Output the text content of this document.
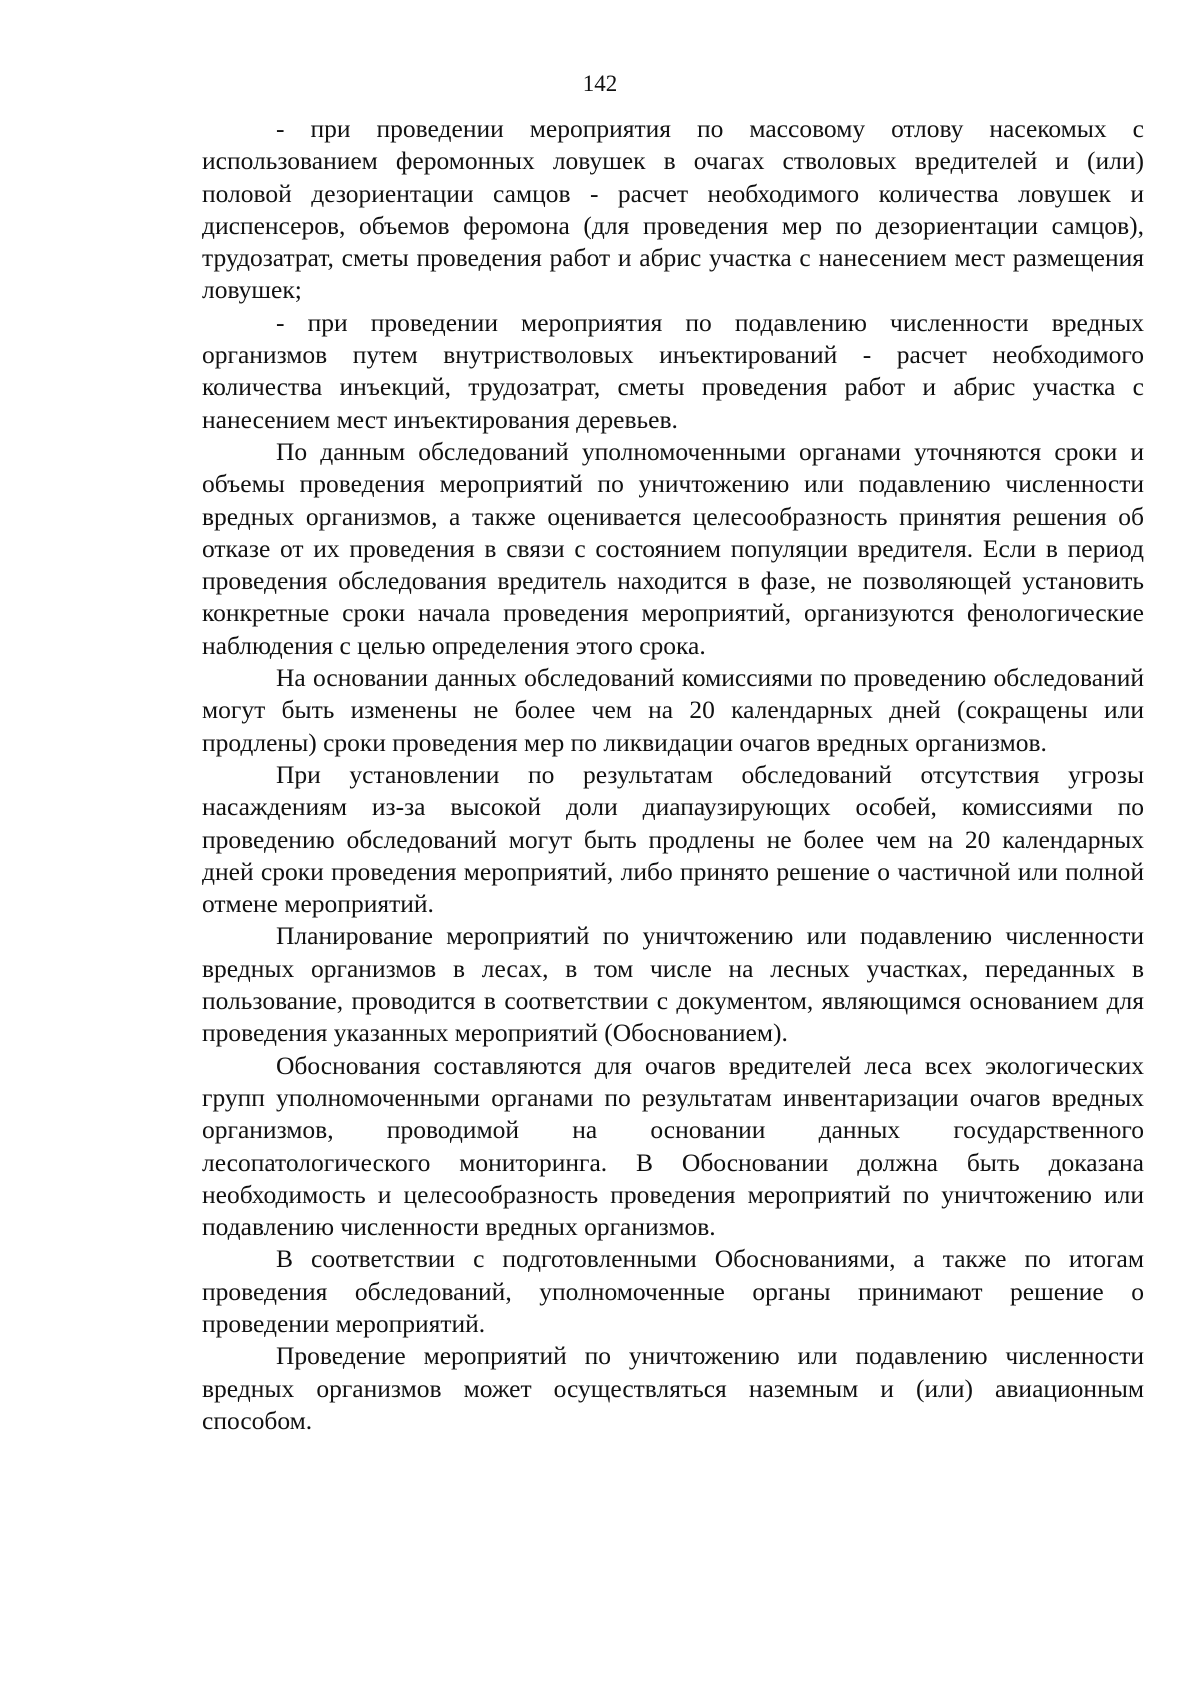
142

- при проведении мероприятия по массовому отлову насекомых с использованием феромонных ловушек в очагах стволовых вредителей и (или) половой дезориентации самцов - расчет необходимого количества ловушек и диспенсеров, объемов феромона (для проведения мер по дезориентации самцов), трудозатрат, сметы проведения работ и абрис участка с нанесением мест размещения ловушек;

- при проведении мероприятия по подавлению численности вредных организмов путем внутристволовых инъектирований - расчет необходимого количества инъекций, трудозатрат, сметы проведения работ и абрис участка с нанесением мест инъектирования деревьев.

По данным обследований уполномоченными органами уточняются сроки и объемы проведения мероприятий по уничтожению или подавлению численности вредных организмов, а также оценивается целесообразность принятия решения об отказе от их проведения в связи с состоянием популяции вредителя. Если в период проведения обследования вредитель находится в фазе, не позволяющей установить конкретные сроки начала проведения мероприятий, организуются фенологические наблюдения с целью определения этого срока.

На основании данных обследований комиссиями по проведению обследований могут быть изменены не более чем на 20 календарных дней (сокращены или продлены) сроки проведения мер по ликвидации очагов вредных организмов.

При установлении по результатам обследований отсутствия угрозы насаждениям из-за высокой доли диапаузирующих особей, комиссиями по проведению обследований могут быть продлены не более чем на 20 календарных дней сроки проведения мероприятий, либо принято решение о частичной или полной отмене мероприятий.

Планирование мероприятий по уничтожению или подавлению численности вредных организмов в лесах, в том числе на лесных участках, переданных в пользование, проводится в соответствии с документом, являющимся основанием для проведения указанных мероприятий (Обоснованием).

Обоснования составляются для очагов вредителей леса всех экологических групп уполномоченными органами по результатам инвентаризации очагов вредных организмов, проводимой на основании данных государственного лесопатологического мониторинга. В Обосновании должна быть доказана необходимость и целесообразность проведения мероприятий по уничтожению или подавлению численности вредных организмов.

В соответствии с подготовленными Обоснованиями, а также по итогам проведения обследований, уполномоченные органы принимают решение о проведении мероприятий.

Проведение мероприятий по уничтожению или подавлению численности вредных организмов может осуществляться наземным и (или) авиационным способом.
